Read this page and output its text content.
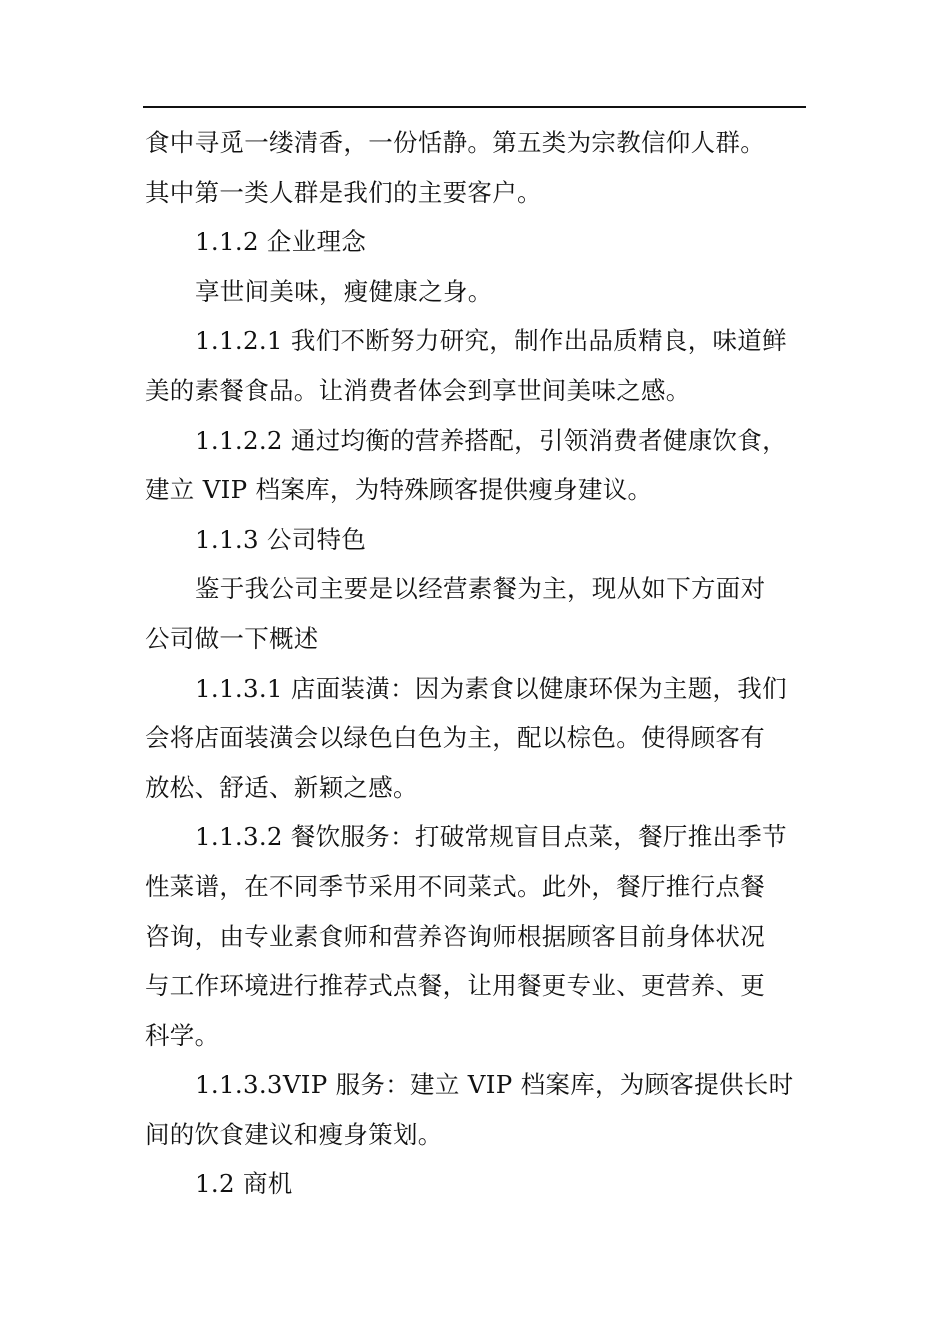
食中寻觅一缕清香，一份恬静。第五类为宗教信仰人群。
其中第一类人群是我们的主要客户。
1.1.2 企业理念
享世间美味，瘦健康之身。
1.1.2.1 我们不断努力研究，制作出品质精良，味道鲜
美的素餐食品。让消费者体会到享世间美味之感。
1.1.2.2 通过均衡的营养搭配，引领消费者健康饮食，
建立 VIP 档案库，为特殊顾客提供瘦身建议。
1.1.3 公司特色
鉴于我公司主要是以经营素餐为主，现从如下方面对
公司做一下概述
1.1.3.1 店面装潢：因为素食以健康环保为主题，我们
会将店面装潢会以绿色白色为主，配以棕色。使得顾客有
放松、舒适、新颖之感。
1.1.3.2 餐饮服务：打破常规盲目点菜，餐厅推出季节
性菜谱，在不同季节采用不同菜式。此外，餐厅推行点餐
咨询，由专业素食师和营养咨询师根据顾客目前身体状况
与工作环境进行推荐式点餐，让用餐更专业、更营养、更
科学。
1.1.3.3VIP 服务：建立 VIP 档案库，为顾客提供长时
间的饮食建议和瘦身策划。
1.2 商机
